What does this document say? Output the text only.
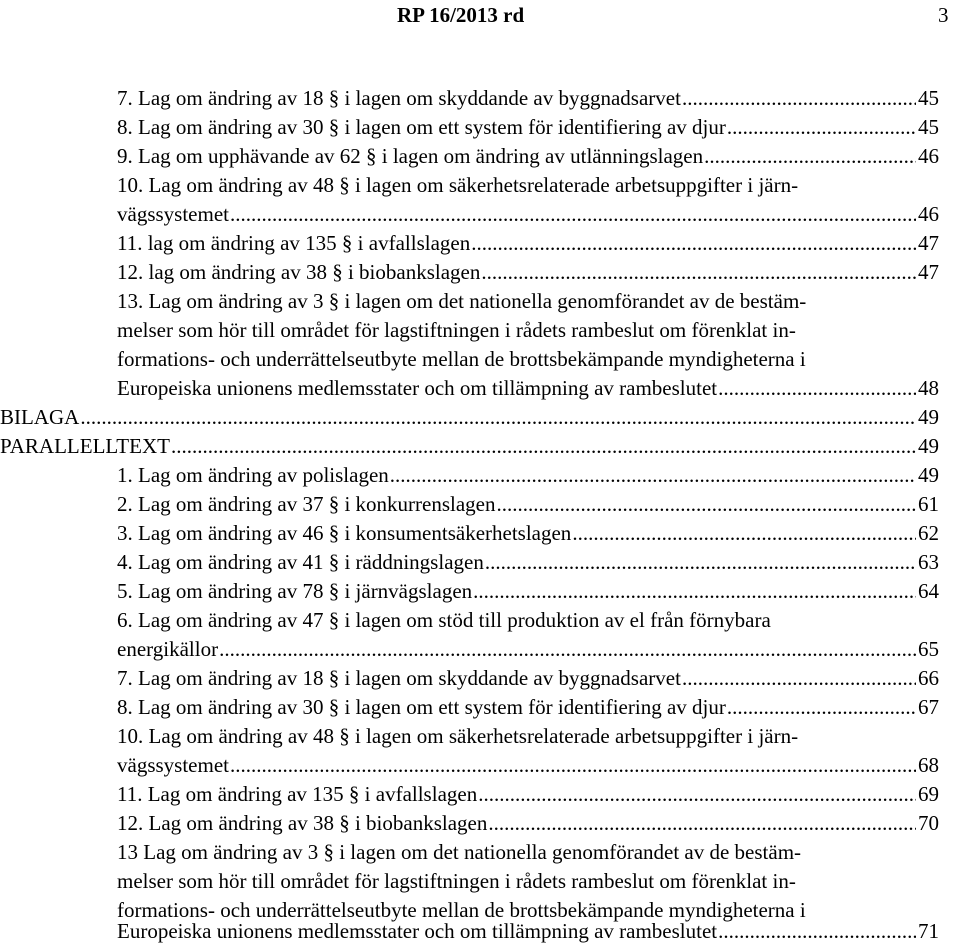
RP 16/2013 rd	3
7. Lag om ändring av 18 § i lagen om skyddande av byggnadsarvet .....	45
8. Lag om ändring av 30 § i lagen om ett system för identifiering av djur .....	45
9. Lag om upphävande av 62 § i lagen om ändring av utlänningslagen .....	46
10. Lag om ändring av 48 § i lagen om säkerhetsrelaterade arbetsuppgifter i järn-
vägssystemet .....	46
11. lag om ändring av 135 § i avfallslagen .....	47
12. lag om ändring av 38 § i biobankslagen .....	47
13. Lag om ändring av 3 § i lagen om det nationella genomförandet av de bestäm-
melser som hör till området för lagstiftningen i rådets rambeslut om förenklat in-
formations- och underrättelseutbyte mellan de brottsbekämpande myndigheterna i
Europeiska unionens medlemsstater och om tillämpning av rambeslutet .....	48
BILAGA .....	49
PARALLELLTEXT .....	49
1. Lag om ändring av polislagen .....	49
2. Lag om ändring av 37 § i konkurrenslagen .....	61
3. Lag om ändring av 46 § i konsumentsäkerhetslagen .....	62
4. Lag om ändring av 41 § i räddningslagen .....	63
5. Lag om ändring av 78 § i järnvägslagen .....	64
6. Lag om ändring av 47 § i lagen om stöd till produktion av el från förnybara
energikällor .....	65
7. Lag om ändring av 18 § i lagen om skyddande av byggnadsarvet .....	66
8. Lag om ändring av 30 § i lagen om ett system för identifiering av djur .....	67
10. Lag om ändring av 48 § i lagen om säkerhetsrelaterade arbetsuppgifter i järn-
vägssystemet .....	68
11. Lag om ändring av 135 § i avfallslagen .....	69
12. Lag om ändring av 38 § i biobankslagen .....	70
13 Lag om ändring av 3 § i lagen om det nationella genomförandet av de bestäm-
melser som hör till området för lagstiftningen i rådets rambeslut om förenklat in-
formations- och underrättelseutbyte mellan de brottsbekämpande myndigheterna i
Europeiska unionens medlemsstater och om tillämpning av rambeslutet .....	71
